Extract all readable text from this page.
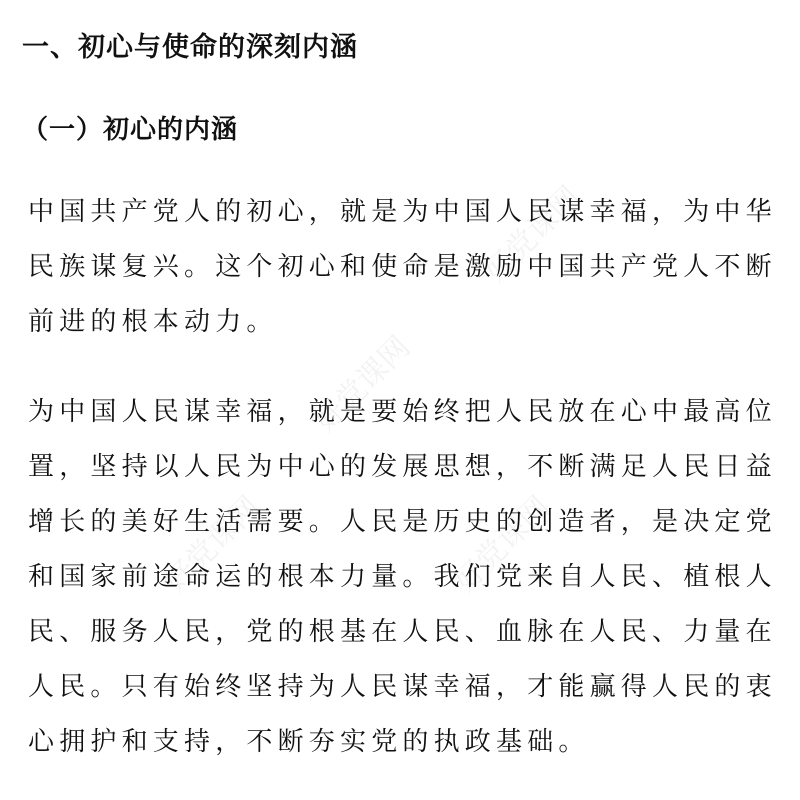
一、初心与使命的深刻内涵
（一）初心的内涵
中国共产党人的初心，就是为中国人民谋幸福，为中华民族谋复兴。这个初心和使命是激励中国共产党人不断前进的根本动力。
为中国人民谋幸福，就是要始终把人民放在心中最高位置，坚持以人民为中心的发展思想，不断满足人民日益增长的美好生活需要。人民是历史的创造者，是决定党和国家前途命运的根本力量。我们党来自人民、植根人民、服务人民，党的根基在人民、血脉在人民、力量在人民。只有始终坚持为人民谋幸福，才能赢得人民的衷心拥护和支持，不断夯实党的执政基础。
好党课网
好党课网
好党课网	好党课网
